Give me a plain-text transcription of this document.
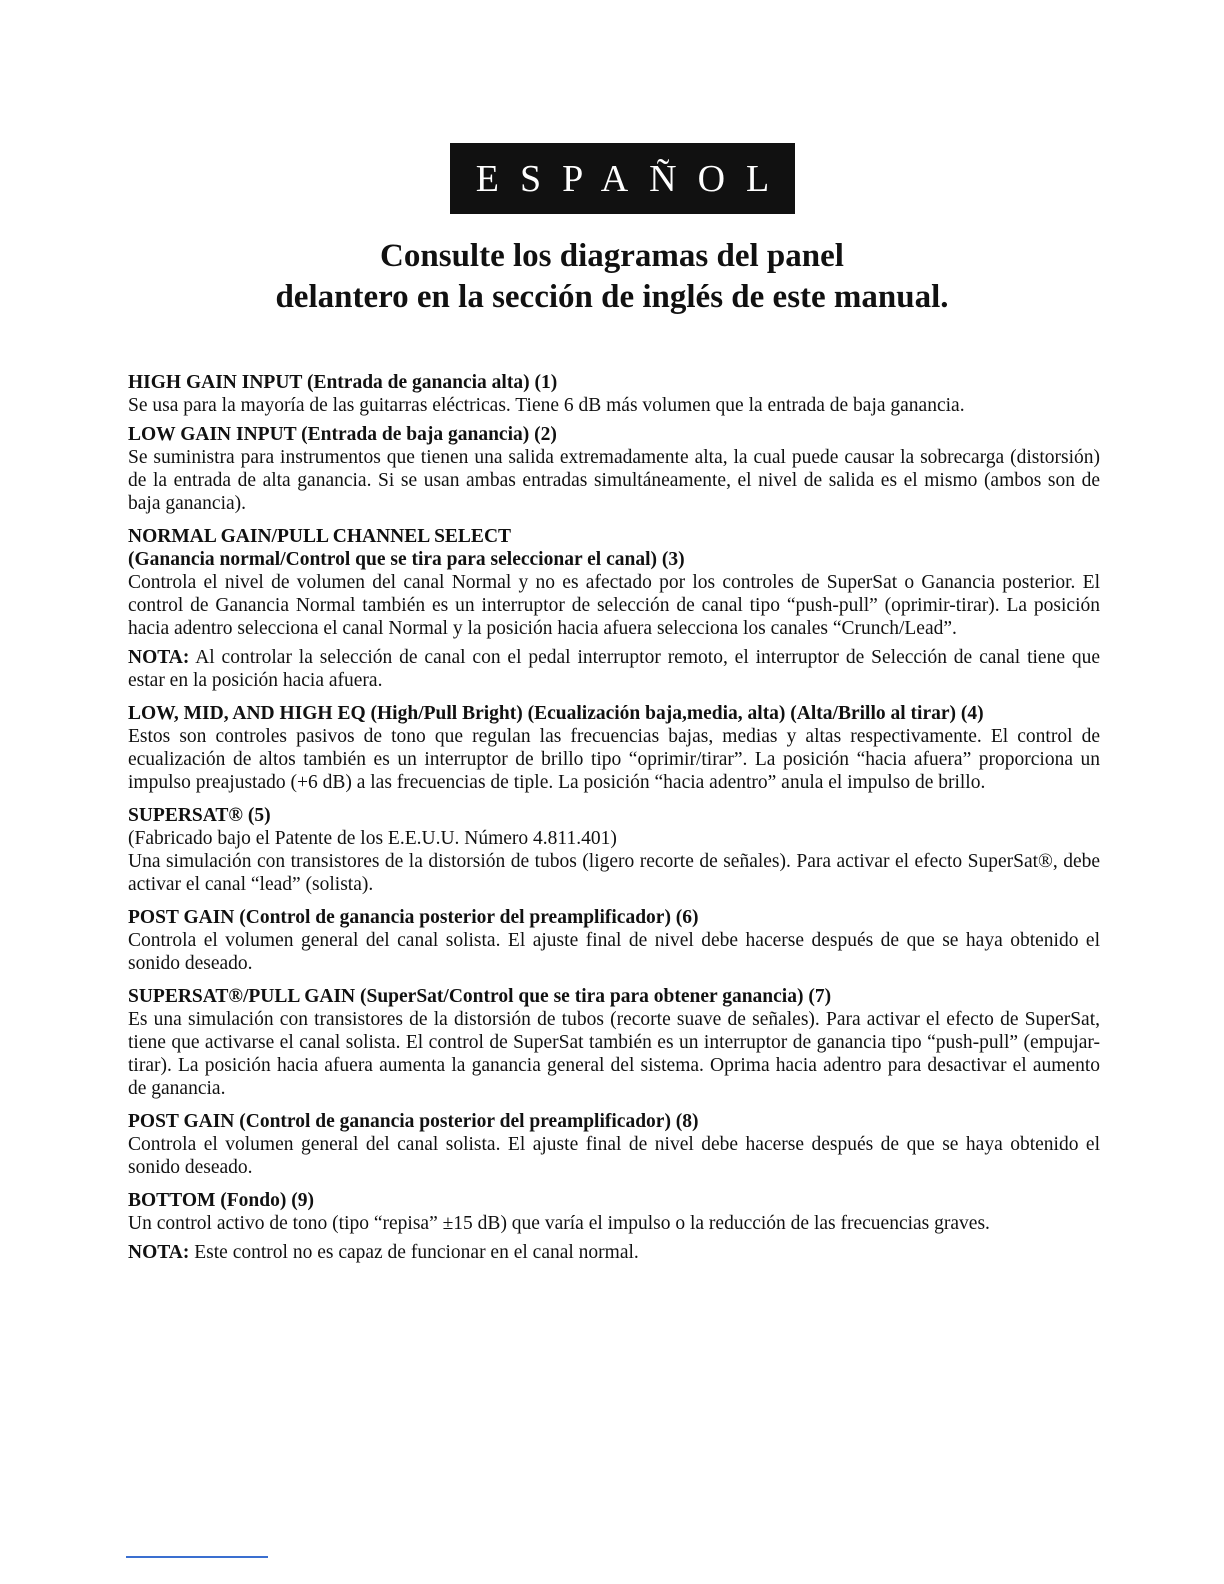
ESPAÑOL
Consulte los diagramas del panel
delantero en la sección de inglés de este manual.

HIGH GAIN INPUT (Entrada de ganancia alta) (1)

Se usa para la mayoría de las guitarras eléctricas. Tiene 6 dB más volumen que la entrada de baja ganancia.

LOW GAIN INPUT (Entrada de baja ganancia) (2)

Se suministra para instrumentos que tienen una salida extremadamente alta, la cual puede causar la sobrecarga (distorsión) de la entrada de alta ganancia. Si se usan ambas entradas simultáneamente, el nivel de salida es el mismo (ambos son de baja ganancia).

NORMAL GAIN/PULL CHANNEL SELECT

(Ganancia normal/Control que se tira para seleccionar el canal) (3)

Controla el nivel de volumen del canal Normal y no es afectado por los controles de SuperSat o Ganancia posterior. El control de Ganancia Normal también es un interruptor de selección de canal tipo “push-pull” (oprimir-tirar). La posición hacia adentro selecciona el canal Normal y la posición hacia afuera selecciona los canales “Crunch/Lead”.

NOTA: Al controlar la selección de canal con el pedal interruptor remoto, el interruptor de Selección de canal tiene que estar en la posición hacia afuera.

LOW, MID, AND HIGH EQ (High/Pull Bright) (Ecualización baja,media, alta) (Alta/Brillo al tirar) (4)

Estos son controles pasivos de tono que regulan las frecuencias bajas, medias y altas respectivamente. El control de ecualización de altos también es un interruptor de brillo tipo “oprimir/tirar”. La posición “hacia afuera” proporciona un impulso preajustado (+6 dB) a las frecuencias de tiple. La posición “hacia adentro” anula el impulso de brillo.

SUPERSAT® (5)

(Fabricado bajo el Patente de los E.E.U.U. Número 4.811.401)

Una simulación con transistores de la distorsión de tubos (ligero recorte de señales). Para activar el efecto SuperSat®, debe activar el canal “lead” (solista).

POST GAIN (Control de ganancia posterior del preamplificador) (6)

Controla el volumen general del canal solista. El ajuste final de nivel debe hacerse después de que se haya obtenido el sonido deseado.

SUPERSAT®/PULL GAIN (SuperSat/Control que se tira para obtener ganancia) (7)

Es una simulación con transistores de la distorsión de tubos (recorte suave de señales). Para activar el efecto de SuperSat, tiene que activarse el canal solista. El control de SuperSat también es un interruptor de ganancia tipo “push-pull” (empujar- tirar). La posición hacia afuera aumenta la ganancia general del sistema. Oprima hacia adentro para desactivar el aumento de ganancia.

POST GAIN (Control de ganancia posterior del preamplificador) (8)

Controla el volumen general del canal solista. El ajuste final de nivel debe hacerse después de que se haya obtenido el sonido deseado.

BOTTOM (Fondo) (9)

Un control activo de tono (tipo “repisa” ±15 dB) que varía el impulso o la reducción de las frecuencias graves.

NOTA: Este control no es capaz de funcionar en el canal normal.
